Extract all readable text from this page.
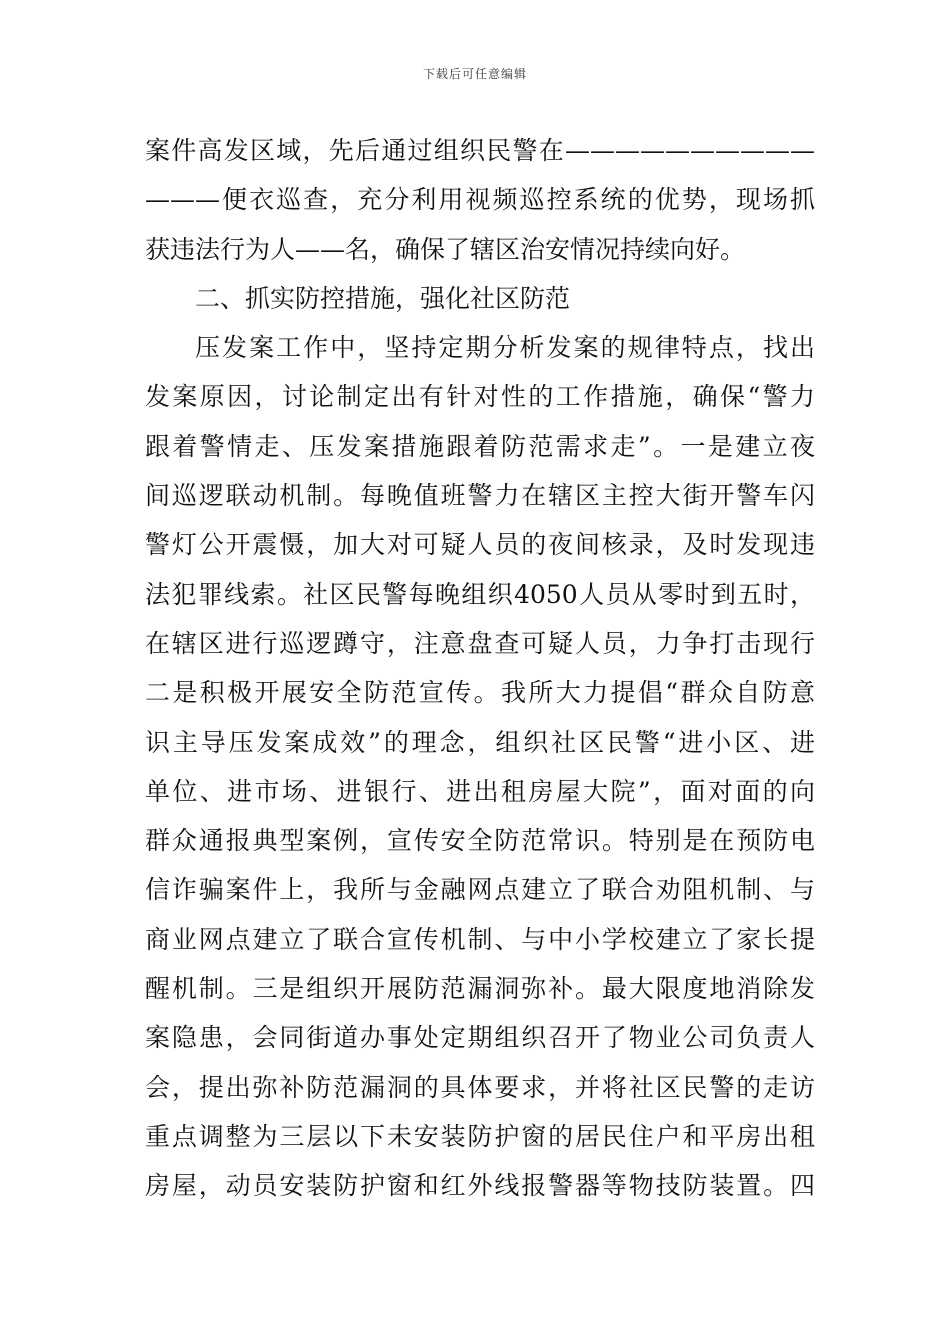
下载后可任意编辑
案件高发区域，先后通过组织民警在——————————
———便衣巡查，充分利用视频巡控系统的优势，现场抓
获违法行为人——名，确保了辖区治安情况持续向好。
二、抓实防控措施，强化社区防范
压发案工作中，坚持定期分析发案的规律特点，找出
发案原因，讨论制定出有针对性的工作措施，确保“警力
跟着警情走、压发案措施跟着防范需求走”。一是建立夜
间巡逻联动机制。每晚值班警力在辖区主控大街开警车闪
警灯公开震慑，加大对可疑人员的夜间核录，及时发现违
法犯罪线索。社区民警每晚组织4050人员从零时到五时，
在辖区进行巡逻蹲守，注意盘查可疑人员，力争打击现行
二是积极开展安全防范宣传。我所大力提倡“群众自防意
识主导压发案成效”的理念，组织社区民警“进小区、进
单位、进市场、进银行、进出租房屋大院”，面对面的向
群众通报典型案例，宣传安全防范常识。特别是在预防电
信诈骗案件上，我所与金融网点建立了联合劝阻机制、与
商业网点建立了联合宣传机制、与中小学校建立了家长提
醒机制。三是组织开展防范漏洞弥补。最大限度地消除发
案隐患，会同街道办事处定期组织召开了物业公司负责人
会，提出弥补防范漏洞的具体要求，并将社区民警的走访
重点调整为三层以下未安装防护窗的居民住户和平房出租
房屋，动员安装防护窗和红外线报警器等物技防装置。四
